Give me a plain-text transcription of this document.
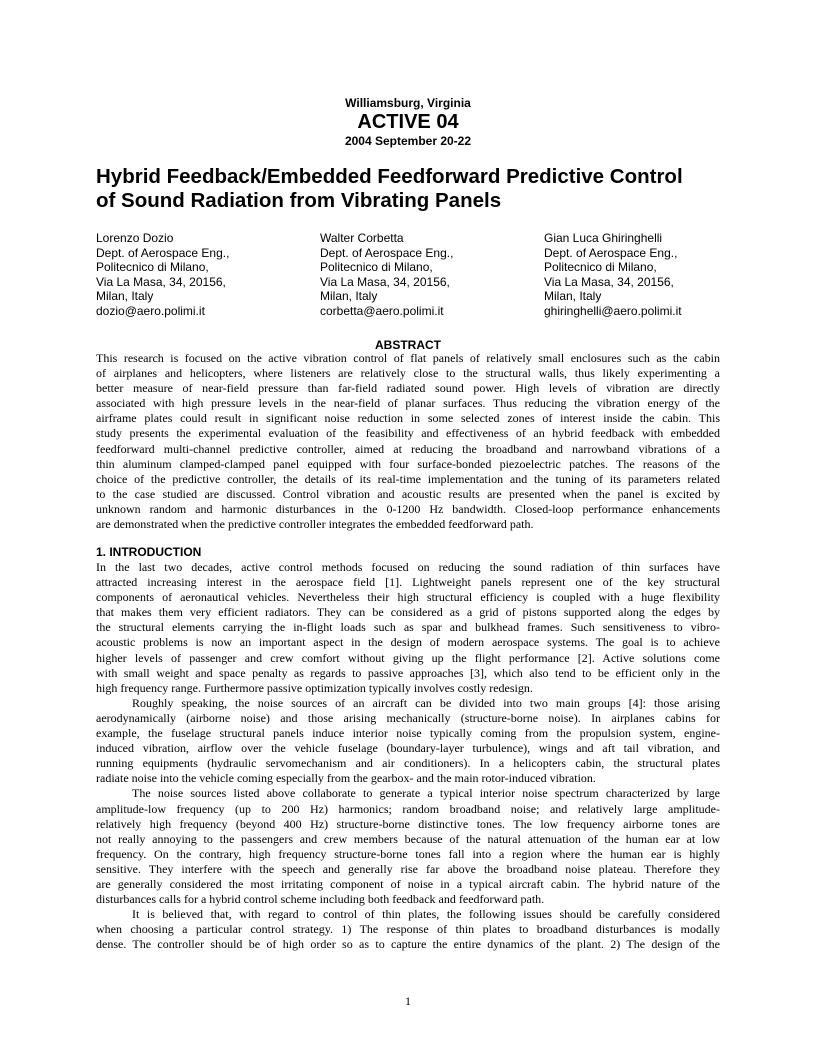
Williamsburg, Virginia
ACTIVE 04
2004 September 20-22
Hybrid Feedback/Embedded Feedforward Predictive Control
of Sound Radiation from Vibrating Panels
Lorenzo Dozio
Dept. of Aerospace Eng.,
Politecnico di Milano,
Via La Masa, 34, 20156,
Milan, Italy
dozio@aero.polimi.it
Walter Corbetta
Dept. of Aerospace Eng.,
Politecnico di Milano,
Via La Masa, 34, 20156,
Milan, Italy
corbetta@aero.polimi.it
Gian Luca Ghiringhelli
Dept. of Aerospace Eng.,
Politecnico di Milano,
Via La Masa, 34, 20156,
Milan, Italy
ghiringhelli@aero.polimi.it
ABSTRACT
This research is focused on the active vibration control of flat panels of relatively small enclosures such as the cabin
of airplanes and helicopters, where listeners are relatively close to the structural walls, thus likely experimenting a
better measure of near-field pressure than far-field radiated sound power. High levels of vibration are directly
associated with high pressure levels in the near-field of planar surfaces. Thus reducing the vibration energy of the
airframe plates could result in significant noise reduction in some selected zones of interest inside the cabin. This
study presents the experimental evaluation of the feasibility and effectiveness of an hybrid feedback with embedded
feedforward multi-channel predictive controller, aimed at reducing the broadband and narrowband vibrations of a
thin aluminum clamped-clamped panel equipped with four surface-bonded piezoelectric patches. The reasons of the
choice of the predictive controller, the details of its real-time implementation and the tuning of its parameters related
to the case studied are discussed. Control vibration and acoustic results are presented when the panel is excited by
unknown random and harmonic disturbances in the 0-1200 Hz bandwidth. Closed-loop performance enhancements
are demonstrated when the predictive controller integrates the embedded feedforward path.
1. INTRODUCTION
In the last two decades, active control methods focused on reducing the sound radiation of thin surfaces have
attracted increasing interest in the aerospace field [1]. Lightweight panels represent one of the key structural
components of aeronautical vehicles. Nevertheless their high structural efficiency is coupled with a huge flexibility
that makes them very efficient radiators. They can be considered as a grid of pistons supported along the edges by
the structural elements carrying the in-flight loads such as spar and bulkhead frames. Such sensitiveness to vibro-
acoustic problems is now an important aspect in the design of modern aerospace systems. The goal is to achieve
higher levels of passenger and crew comfort without giving up the flight performance [2]. Active solutions come
with small weight and space penalty as regards to passive approaches [3], which also tend to be efficient only in the
high frequency range. Furthermore passive optimization typically involves costly redesign.
Roughly speaking, the noise sources of an aircraft can be divided into two main groups [4]: those arising
aerodynamically (airborne noise) and those arising mechanically (structure-borne noise). In airplanes cabins for
example, the fuselage structural panels induce interior noise typically coming from the propulsion system, engine-
induced vibration, airflow over the vehicle fuselage (boundary-layer turbulence), wings and aft tail vibration, and
running equipments (hydraulic servomechanism and air conditioners). In a helicopters cabin, the structural plates
radiate noise into the vehicle coming especially from the gearbox- and the main rotor-induced vibration.
The noise sources listed above collaborate to generate a typical interior noise spectrum characterized by large
amplitude-low frequency (up to 200 Hz) harmonics; random broadband noise; and relatively large amplitude-
relatively high frequency (beyond 400 Hz) structure-borne distinctive tones. The low frequency airborne tones are
not really annoying to the passengers and crew members because of the natural attenuation of the human ear at low
frequency. On the contrary, high frequency structure-borne tones fall into a region where the human ear is highly
sensitive. They interfere with the speech and generally rise far above the broadband noise plateau. Therefore they
are generally considered the most irritating component of noise in a typical aircraft cabin. The hybrid nature of the
disturbances calls for a hybrid control scheme including both feedback and feedforward path.
It is believed that, with regard to control of thin plates, the following issues should be carefully considered
when choosing a particular control strategy. 1) The response of thin plates to broadband disturbances is modally
dense. The controller should be of high order so as to capture the entire dynamics of the plant. 2) The design of the
1
